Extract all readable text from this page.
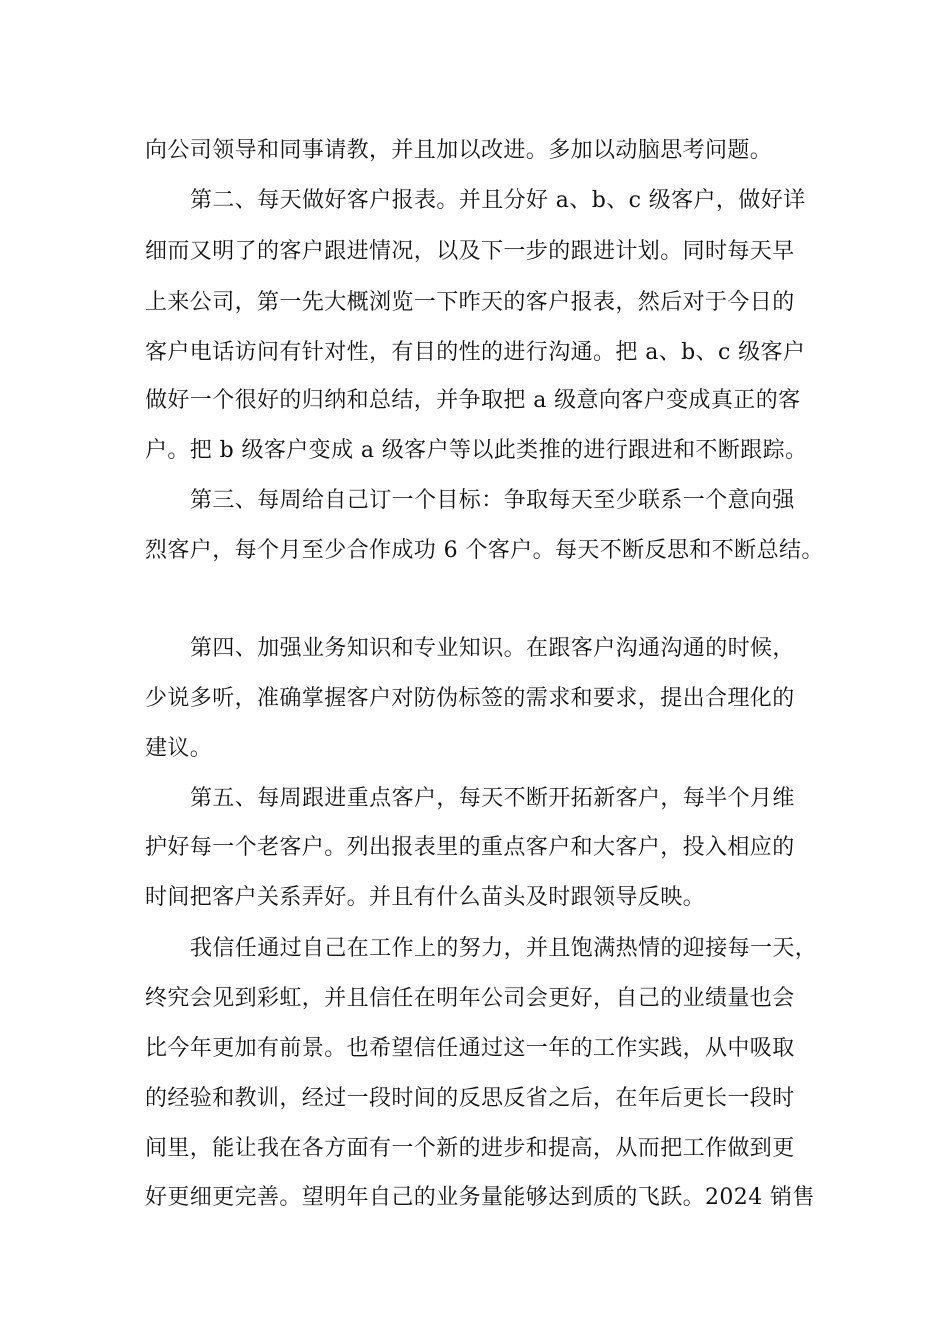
向公司领导和同事请教，并且加以改进。多加以动脑思考问题。
第二、每天做好客户报表。并且分好 a、b、c 级客户，做好详
细而又明了的客户跟进情况，以及下一步的跟进计划。同时每天早
上来公司，第一先大概浏览一下昨天的客户报表，然后对于今日的
客户电话访问有针对性，有目的性的进行沟通。把 a、b、c 级客户
做好一个很好的归纳和总结，并争取把 a 级意向客户变成真正的客
户。把 b 级客户变成 a 级客户等以此类推的进行跟进和不断跟踪。
第三、每周给自己订一个目标：争取每天至少联系一个意向强
烈客户，每个月至少合作成功 6 个客户。每天不断反思和不断总结。
第四、加强业务知识和专业知识。在跟客户沟通沟通的时候，
少说多听，准确掌握客户对防伪标签的需求和要求，提出合理化的
建议。
第五、每周跟进重点客户，每天不断开拓新客户，每半个月维
护好每一个老客户。列出报表里的重点客户和大客户，投入相应的
时间把客户关系弄好。并且有什么苗头及时跟领导反映。
我信任通过自己在工作上的努力，并且饱满热情的迎接每一天，
终究会见到彩虹，并且信任在明年公司会更好，自己的业绩量也会
比今年更加有前景。也希望信任通过这一年的工作实践，从中吸取
的经验和教训，经过一段时间的反思反省之后，在年后更长一段时
间里，能让我在各方面有一个新的进步和提高，从而把工作做到更
好更细更完善。望明年自己的业务量能够达到质的飞跃。2024 销售
